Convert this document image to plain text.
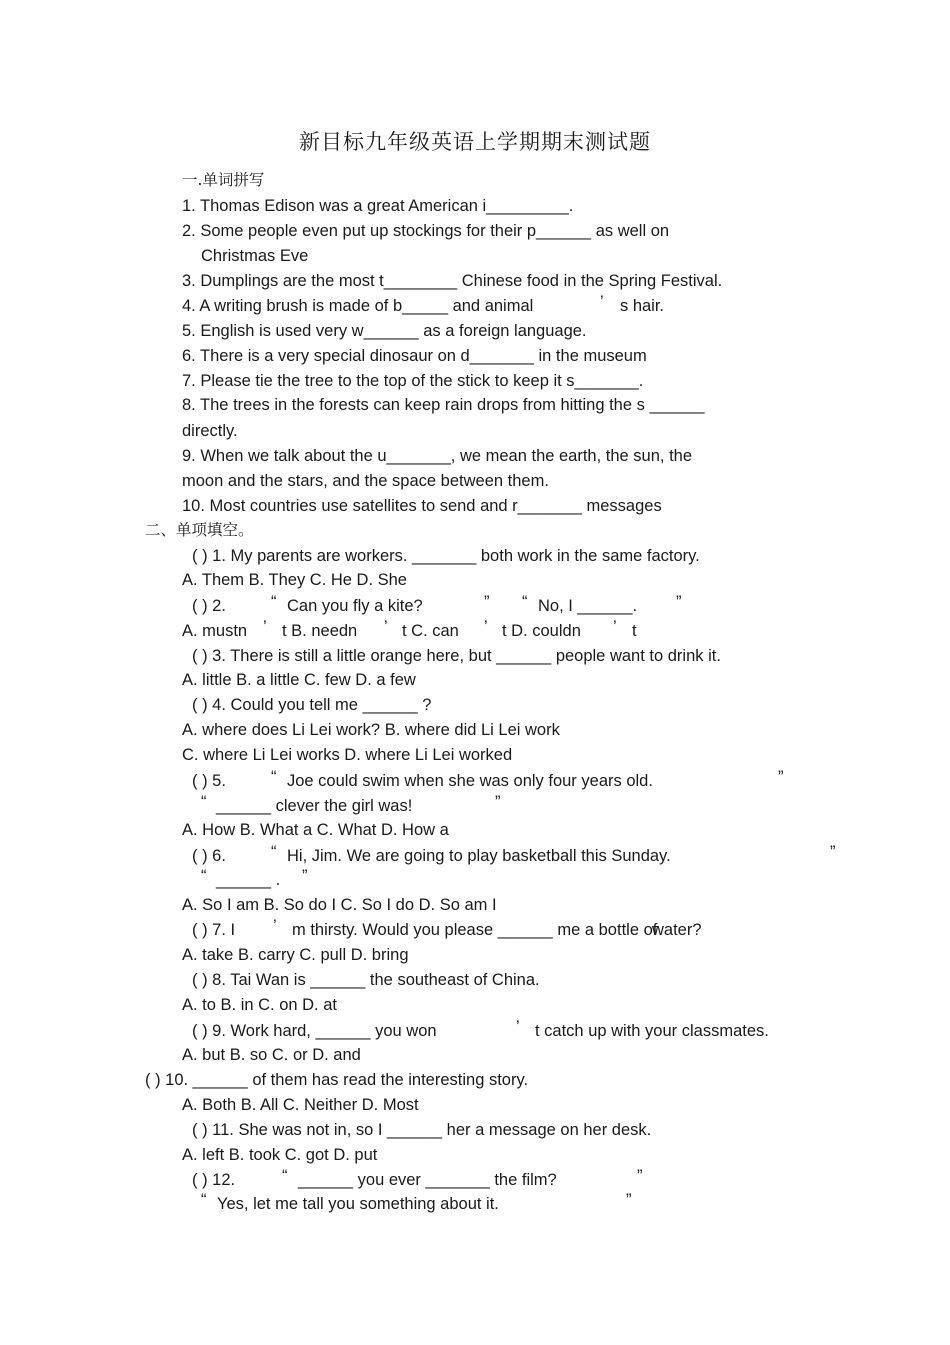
新目标九年级英语上学期期末测试题
一.单词拼写
1. Thomas Edison was a great American i_________.
2. Some people even put up stockings for their p______ as well on
Christmas Eve
3. Dumplings are the most t________ Chinese food in the Spring Festival.
4. A writing brush is made of b_____ and animal	’ s hair.
5. English is used very w______ as a foreign language.
6. There is a very special dinosaur on d_______ in the museum
7. Please tie the tree to the top of the stick to keep it s_______.
8. The trees in the forests can keep rain drops from hitting the s ______
directly.
9. When we talk about the u_______, we mean the earth, the sun, the
moon and the stars, and the space between them.
10. Most countries use satellites to send and r_______ messages
二、单项填空。
( ) 1. My parents are workers. _______ both work in the same factory.
A. Them B. They C. He D. She
( ) 2.	“ Can you fly a kite?	” “ No, I ______. ”
A. mustn ’ t B. needn ’ t C. can ’ t D. couldn ’ t
( ) 3. There is still a little orange here, but ______ people want to drink it.
A. little B. a little C. few D. a few
( ) 4. Could you tell me ______ ?
A. where does Li Lei work? B. where did Li Lei work
C. where Li Lei works D. where Li Lei worked
( ) 5.	“ Joe could swim when she was only four years old.	”
“ ______ clever the girl was!	”
A. How B. What a C. What D. How a
( ) 6.	“ Hi, Jim. We are going to play basketball this Sunday.	”
“ ______ . ”
A. So I am B. So do I C. So I do D. So am I
( ) 7. I ’ m thirsty. Would you please ______ me a bottle of
water?
A. take B. carry C. pull D. bring
( ) 8. Tai Wan is ______ the southeast of China.
A. to B. in C. on D. at
( ) 9. Work hard, ______ you won	’ t catch up with your classmates.
A. but B. so C. or D. and
( ) 10. ______ of them has read the interesting story.
A. Both B. All C. Neither D. Most
( ) 11. She was not in, so I ______ her a message on her desk.
A. left B. took C. got D. put
( ) 12.	“ ______ you ever _______ the film?	”
“ Yes, let me tall you something about it.	”
